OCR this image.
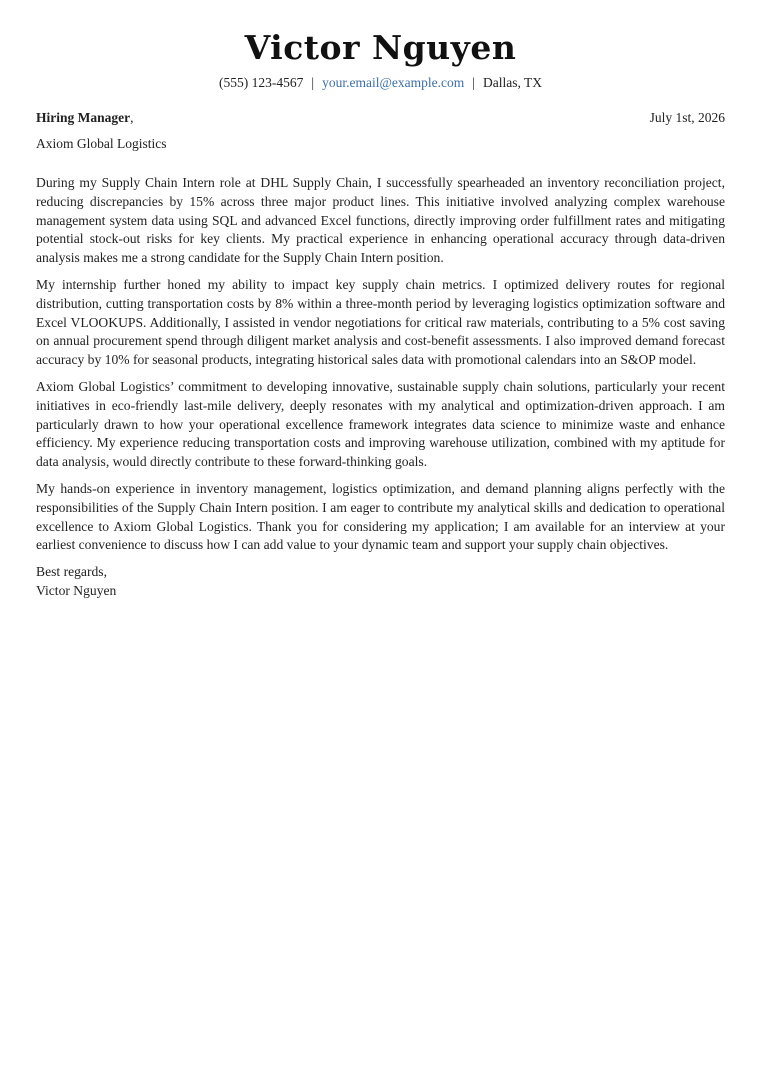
Victor Nguyen
(555) 123-4567 | your.email@example.com | Dallas, TX
Hiring Manager,	July 1st, 2026
Axiom Global Logistics

During my Supply Chain Intern role at DHL Supply Chain, I successfully spearheaded an inventory reconciliation project, reducing discrepancies by 15% across three major product lines. This initiative involved analyzing complex warehouse management system data using SQL and advanced Excel functions, directly improving order fulfillment rates and mitigating potential stock-out risks for key clients. My practical experience in enhancing operational accuracy through data-driven analysis makes me a strong candidate for the Supply Chain Intern position.

My internship further honed my ability to impact key supply chain metrics. I optimized delivery routes for regional distribution, cutting transportation costs by 8% within a three-month period by leveraging logistics optimization software and Excel VLOOKUPS. Additionally, I assisted in vendor negotiations for critical raw materials, contributing to a 5% cost saving on annual procurement spend through diligent market analysis and cost-benefit assessments. I also improved demand forecast accuracy by 10% for seasonal products, integrating historical sales data with promotional calendars into an S&OP model.

Axiom Global Logistics’ commitment to developing innovative, sustainable supply chain solutions, particularly your recent initiatives in eco-friendly last-mile delivery, deeply resonates with my analytical and optimization-driven approach. I am particularly drawn to how your operational excellence framework integrates data science to minimize waste and enhance efficiency. My experience reducing transportation costs and improving warehouse utilization, combined with my aptitude for data analysis, would directly contribute to these forward-thinking goals.

My hands-on experience in inventory management, logistics optimization, and demand planning aligns perfectly with the responsibilities of the Supply Chain Intern position. I am eager to contribute my analytical skills and dedication to operational excellence to Axiom Global Logistics. Thank you for considering my application; I am available for an interview at your earliest convenience to discuss how I can add value to your dynamic team and support your supply chain objectives.

Best regards,
Victor Nguyen
